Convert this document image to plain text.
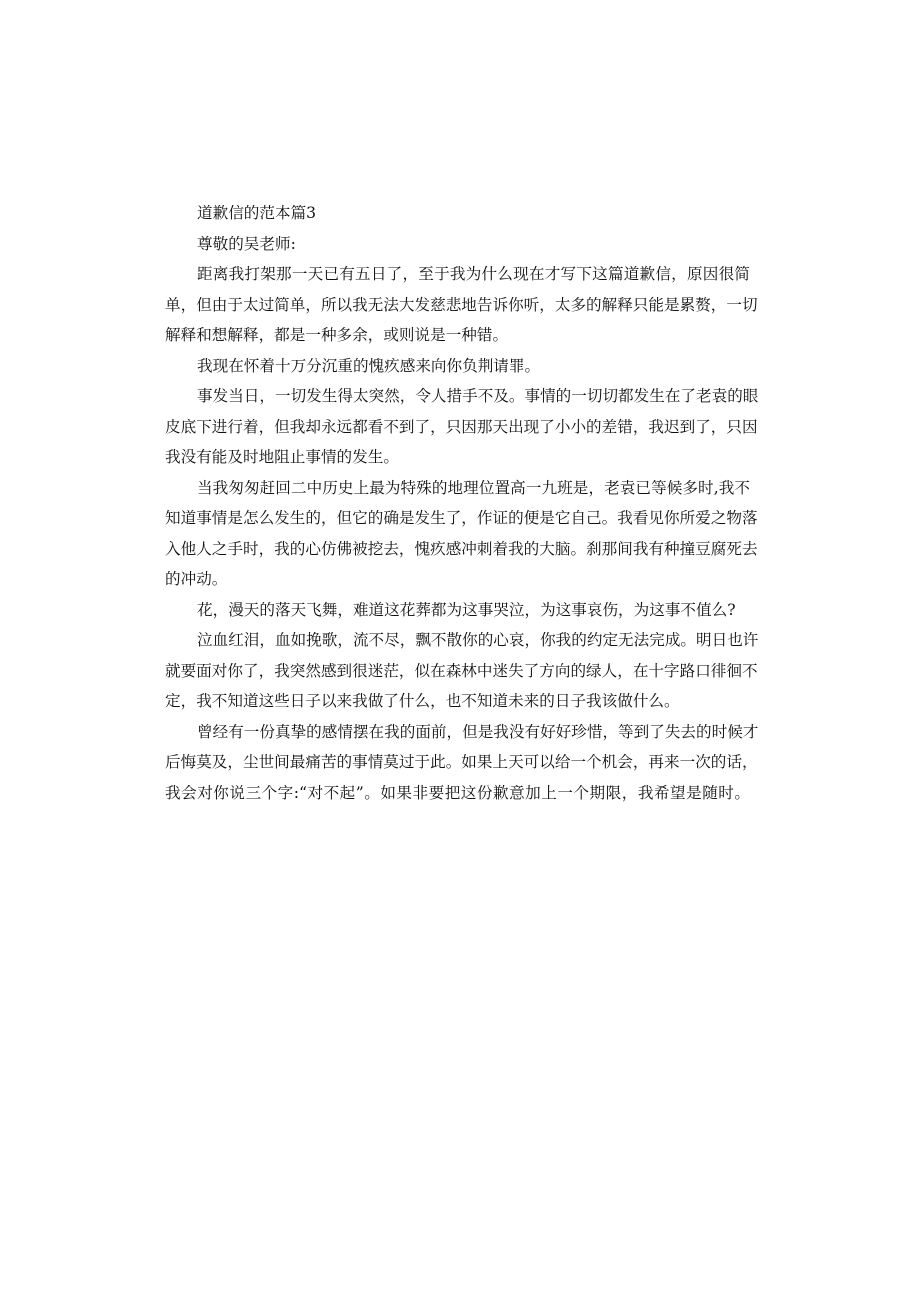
道歉信的范本篇3
尊敬的吴老师:
距离我打架那一天已有五日了，至于我为什么现在才写下这篇道歉信，原因很简
单，但由于太过简单，所以我无法大发慈悲地告诉你听，太多的解释只能是累赘，一切
解释和想解释，都是一种多余，或则说是一种错。
我现在怀着十万分沉重的愧疚感来向你负荆请罪。
事发当日，一切发生得太突然，令人措手不及。事情的一切切都发生在了老袁的眼
皮底下进行着，但我却永远都看不到了，只因那天出现了小小的差错，我迟到了，只因
我没有能及时地阻止事情的发生。
当我匆匆赶回二中历史上最为特殊的地理位置高一九班是，老袁已等候多时,我不
知道事情是怎么发生的，但它的确是发生了，作证的便是它自己。我看见你所爱之物落
入他人之手时，我的心仿佛被挖去，愧疚感冲刺着我的大脑。刹那间我有种撞豆腐死去
的冲动。
花，漫天的落天飞舞，难道这花葬都为这事哭泣，为这事哀伤，为这事不值么?
泣血红泪，血如挽歌，流不尽，飘不散你的心哀，你我的约定无法完成。明日也许
就要面对你了，我突然感到很迷茫，似在森林中迷失了方向的绿人，在十字路口徘徊不
定，我不知道这些日子以来我做了什么，也不知道未来的日子我该做什么。
曾经有一份真挚的感情摆在我的面前，但是我没有好好珍惜，等到了失去的时候才
后悔莫及，尘世间最痛苦的事情莫过于此。如果上天可以给一个机会，再来一次的话，
我会对你说三个字:“对不起”。如果非要把这份歉意加上一个期限，我希望是随时。
